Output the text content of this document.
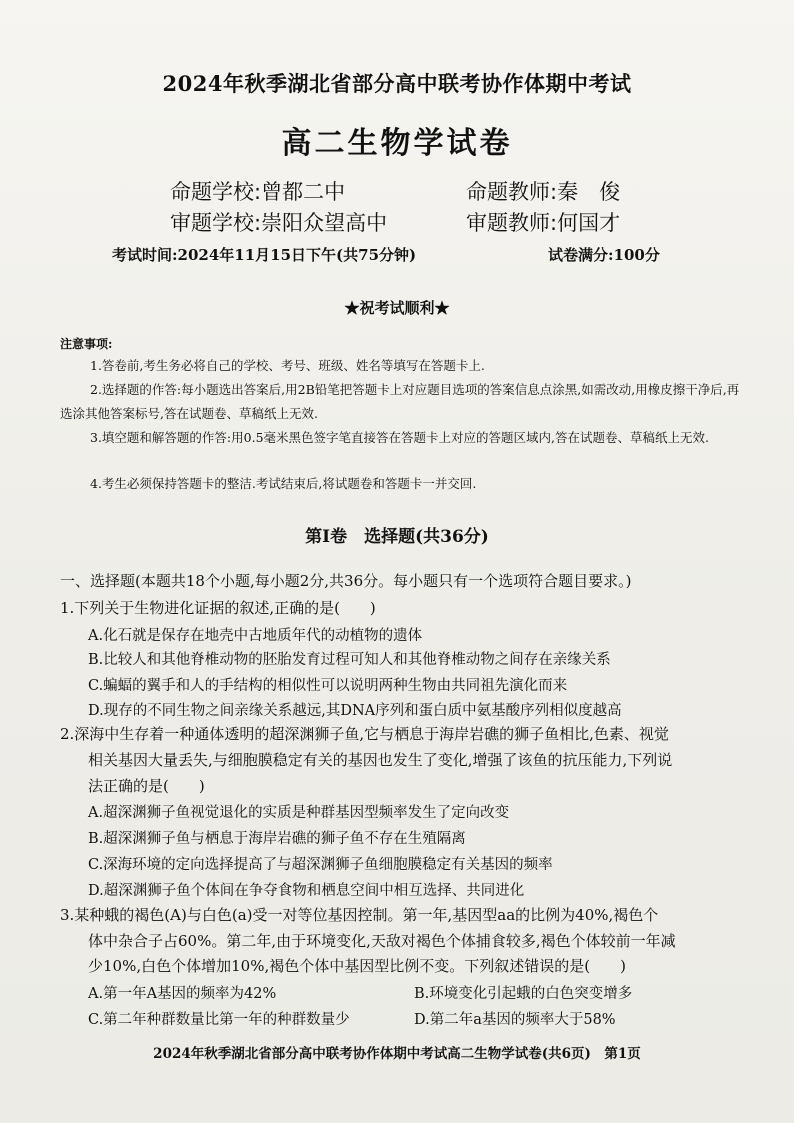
2024年秋季湖北省部分高中联考协作体期中考试
高二生物学试卷
命题学校:曾都二中	命题教师:秦　俊
审题学校:崇阳众望高中	审题教师:何国才
考试时间:2024年11月15日下午(共75分钟)	试卷满分:100分
★祝考试顺利★
注意事项:
1.答卷前,考生务必将自己的学校、考号、班级、姓名等填写在答题卡上.
2.选择题的作答:每小题选出答案后,用2B铅笔把答题卡上对应题目选项的答案信息点涂黑,如需改动,用橡皮擦干净后,再选涂其他答案标号,答在试题卷、草稿纸上无效.
3.填空题和解答题的作答:用0.5毫米黑色签字笔直接答在答题卡上对应的答题区域内,答在试题卷、草稿纸上无效.
4.考生必须保持答题卡的整洁.考试结束后,将试题卷和答题卡一并交回.
第Ⅰ卷　选择题(共36分)
一、选择题(本题共18个小题,每小题2分,共36分。每小题只有一个选项符合题目要求。)
1.下列关于生物进化证据的叙述,正确的是(　　)
A.化石就是保存在地壳中古地质年代的动植物的遗体
B.比较人和其他脊椎动物的胚胎发育过程可知人和其他脊椎动物之间存在亲缘关系
C.蝙蝠的翼手和人的手结构的相似性可以说明两种生物由共同祖先演化而来
D.现存的不同生物之间亲缘关系越远,其DNA序列和蛋白质中氨基酸序列相似度越高
2.深海中生存着一种通体透明的超深渊狮子鱼,它与栖息于海岸岩礁的狮子鱼相比,色素、视觉
相关基因大量丢失,与细胞膜稳定有关的基因也发生了变化,增强了该鱼的抗压能力,下列说
法正确的是(　　)
A.超深渊狮子鱼视觉退化的实质是种群基因型频率发生了定向改变
B.超深渊狮子鱼与栖息于海岸岩礁的狮子鱼不存在生殖隔离
C.深海环境的定向选择提高了与超深渊狮子鱼细胞膜稳定有关基因的频率
D.超深渊狮子鱼个体间在争夺食物和栖息空间中相互选择、共同进化
3.某种蛾的褐色(A)与白色(a)受一对等位基因控制。第一年,基因型aa的比例为40%,褐色个
体中杂合子占60%。第二年,由于环境变化,天敌对褐色个体捕食较多,褐色个体较前一年减
少10%,白色个体增加10%,褐色个体中基因型比例不变。下列叙述错误的是(　　)
A.第一年A基因的频率为42%	B.环境变化引起蛾的白色突变增多
C.第二年种群数量比第一年的种群数量少	D.第二年a基因的频率大于58%
2024年秋季湖北省部分高中联考协作体期中考试高二生物学试卷(共6页)　第1页
